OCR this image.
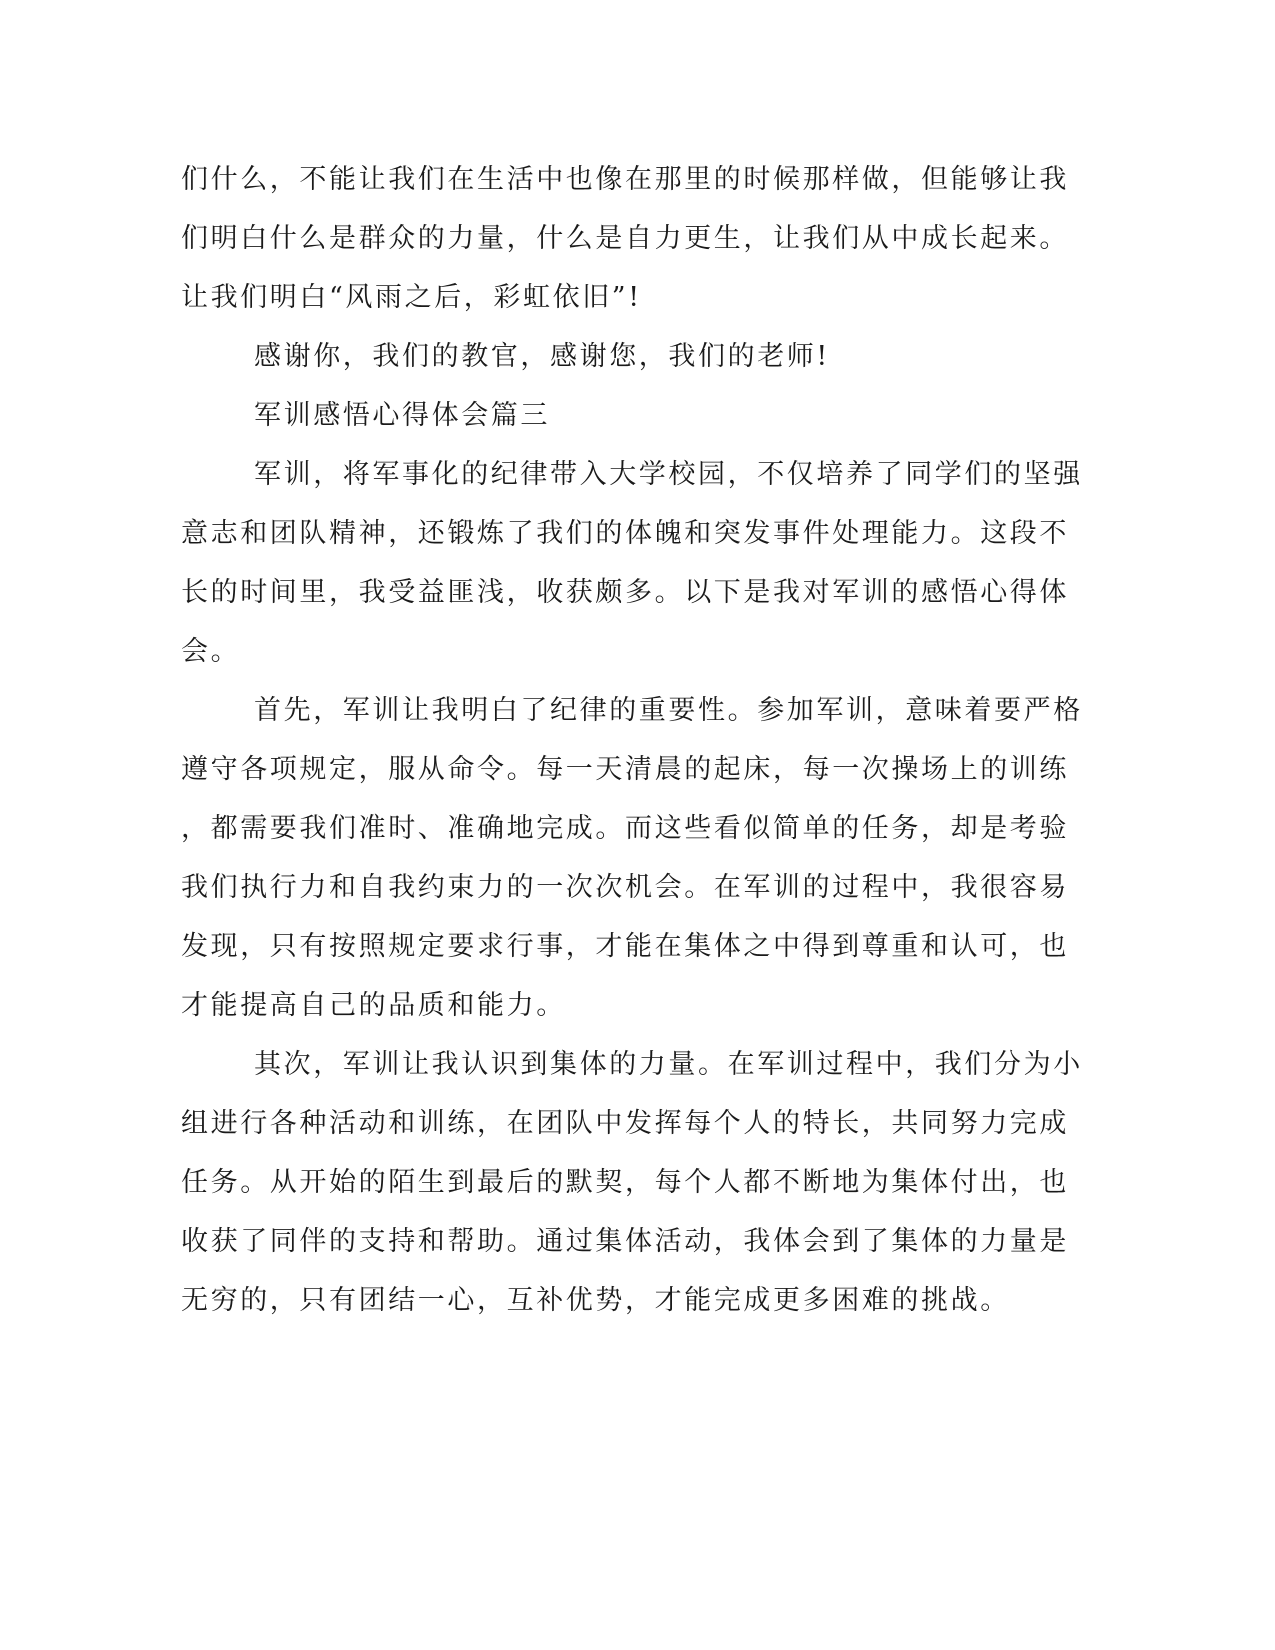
们什么，不能让我们在生活中也像在那里的时候那样做，但能够让我
们明白什么是群众的力量，什么是自力更生，让我们从中成长起来。
让我们明白“风雨之后，彩虹依旧”!
感谢你，我们的教官，感谢您，我们的老师!
军训感悟心得体会篇三
军训，将军事化的纪律带入大学校园，不仅培养了同学们的坚强
意志和团队精神，还锻炼了我们的体魄和突发事件处理能力。这段不
长的时间里，我受益匪浅，收获颇多。以下是我对军训的感悟心得体
会。
首先，军训让我明白了纪律的重要性。参加军训，意味着要严格
遵守各项规定，服从命令。每一天清晨的起床，每一次操场上的训练
，都需要我们准时、准确地完成。而这些看似简单的任务，却是考验
我们执行力和自我约束力的一次次机会。在军训的过程中，我很容易
发现，只有按照规定要求行事，才能在集体之中得到尊重和认可，也
才能提高自己的品质和能力。
其次，军训让我认识到集体的力量。在军训过程中，我们分为小
组进行各种活动和训练，在团队中发挥每个人的特长，共同努力完成
任务。从开始的陌生到最后的默契，每个人都不断地为集体付出，也
收获了同伴的支持和帮助。通过集体活动，我体会到了集体的力量是
无穷的，只有团结一心，互补优势，才能完成更多困难的挑战。
